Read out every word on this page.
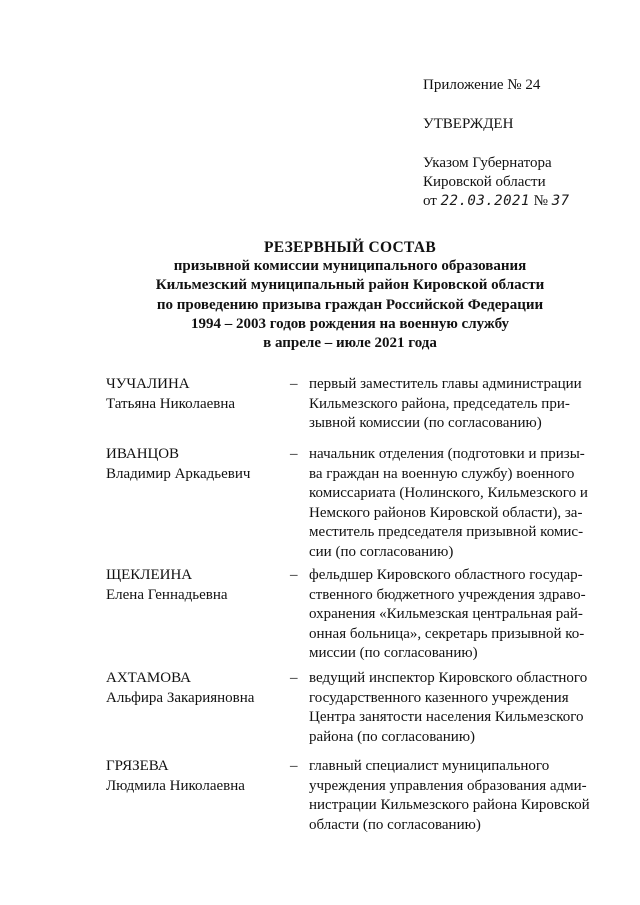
Приложение № 24
УТВЕРЖДЕН
Указом Губернатора
Кировской области
от 22.03.2021 № 37
РЕЗЕРВНЫЙ СОСТАВ
призывной комиссии муниципального образования
Кильмезский муниципальный район Кировской области
по проведению призыва граждан Российской Федерации
1994 – 2003 годов рождения на военную службу
в апреле – июле 2021 года
ЧУЧАЛИНА
Татьяна Николаевна
– первый заместитель главы администрации
Кильмезского района, председатель при-
зывной комиссии (по согласованию)
ИВАНЦОВ
Владимир Аркадьевич
– начальник отделения (подготовки и призы-
ва граждан на военную службу) военного
комиссариата (Нолинского, Кильмезского и
Немского районов Кировской области), за-
меститель председателя призывной комис-
сии (по согласованию)
ЩЕКЛЕИНА
Елена Геннадьевна
– фельдшер Кировского областного государ-
ственного бюджетного учреждения здраво-
охранения «Кильмезская центральная рай-
онная больница», секретарь призывной ко-
миссии (по согласованию)
АХТАМОВА
Альфира Закарияновна
– ведущий инспектор Кировского областного
государственного казенного учреждения
Центра занятости населения Кильмезского
района (по согласованию)
ГРЯЗЕВА
Людмила Николаевна
– главный специалист муниципального
учреждения управления образования адми-
нистрации Кильмезского района Кировской
области (по согласованию)
